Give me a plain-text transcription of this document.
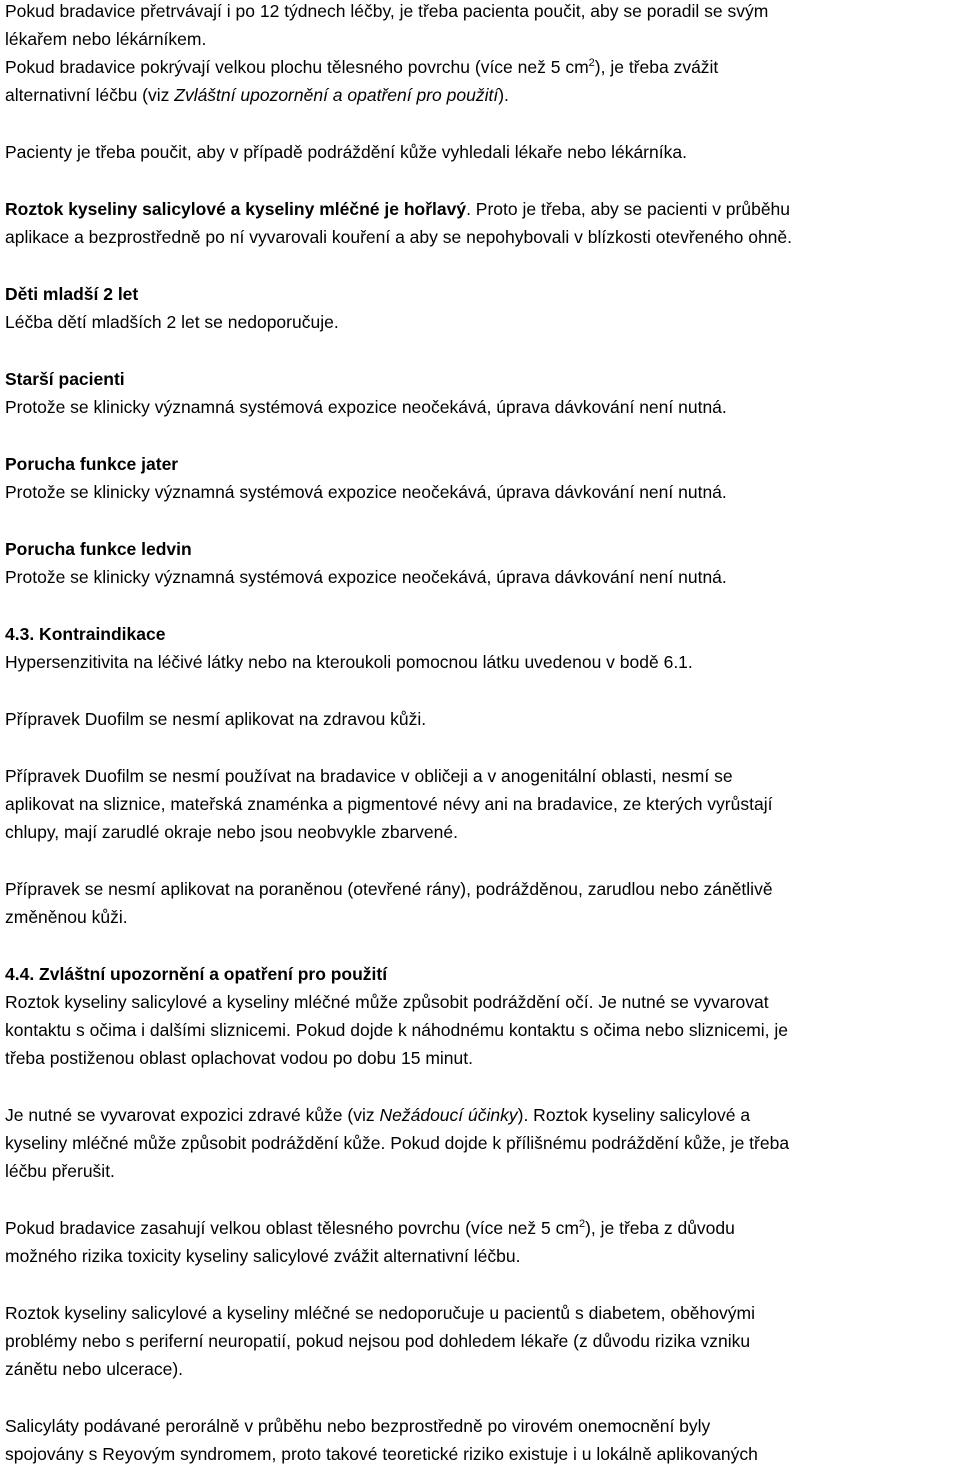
Pokud bradavice přetrvávají i po 12 týdnech léčby, je třeba pacienta poučit, aby se poradil se svým
lékařem nebo lékárníkem.
Pokud bradavice pokrývají velkou plochu tělesného povrchu (více než 5 $cm^2$), je třeba zvážit
alternativní léčbu (viz Zvláštní upozornění a opatření pro použití).
Pacienty je třeba poučit, aby v případě podráždění kůže vyhledali lékaře nebo lékárníka.
Roztok kyseliny salicylové a kyseliny mléčné je hořlavý. Proto je třeba, aby se pacienti v průběhu
aplikace a bezprostředně po ní vyvarovali kouření a aby se nepohybovali v blízkosti otevřeného ohně.
Děti mladší 2 let
Léčba dětí mladších 2 let se nedoporučuje.
Starší pacienti
Protože se klinicky významná systémová expozice neočekává, úprava dávkování není nutná.
Porucha funkce jater
Protože se klinicky významná systémová expozice neočekává, úprava dávkování není nutná.
Porucha funkce ledvin
Protože se klinicky významná systémová expozice neočekává, úprava dávkování není nutná.
4.3. Kontraindikace
Hypersenzitivita na léčivé látky nebo na kteroukoli pomocnou látku uvedenou v bodě 6.1.
Přípravek Duofilm se nesmí aplikovat na zdravou kůži.
Přípravek Duofilm se nesmí používat na bradavice v obličeji a v anogenitální oblasti, nesmí se
aplikovat na sliznice, mateřská znaménka a pigmentové névy ani na bradavice, ze kterých vyrůstají
chlupy, mají zarudlé okraje nebo jsou neobvykle zbarvené.
Přípravek se nesmí aplikovat na poraněnou (otevřené rány), podrážděnou, zarudlou nebo zánětlivě
změněnou kůži.
4.4. Zvláštní upozornění a opatření pro použití
Roztok kyseliny salicylové a kyseliny mléčné může způsobit podráždění očí. Je nutné se vyvarovat
kontaktu s očima i dalšími sliznicemi. Pokud dojde k náhodnému kontaktu s očima nebo sliznicemi, je
třeba postiženou oblast oplachovat vodou po dobu 15 minut.
Je nutné se vyvarovat expozici zdravé kůže (viz Nežádoucí účinky). Roztok kyseliny salicylové a
kyseliny mléčné může způsobit podráždění kůže. Pokud dojde k přílišnému podráždění kůže, je třeba
léčbu přerušit.
Pokud bradavice zasahují velkou oblast tělesného povrchu (více než 5 $cm^2$), je třeba z důvodu
možného rizika toxicity kyseliny salicylové zvážit alternativní léčbu.
Roztok kyseliny salicylové a kyseliny mléčné se nedoporučuje u pacientů s diabetem, oběhovými
problémy nebo s periferní neuropatií, pokud nejsou pod dohledem lékaře (z důvodu rizika vzniku
zánětu nebo ulcerace).
Salicyláty podávané perorálně v průběhu nebo bezprostředně po virovém onemocnění byly
spojovány s Reyovým syndromem, proto takové teoretické riziko existuje i u lokálně aplikovaných
